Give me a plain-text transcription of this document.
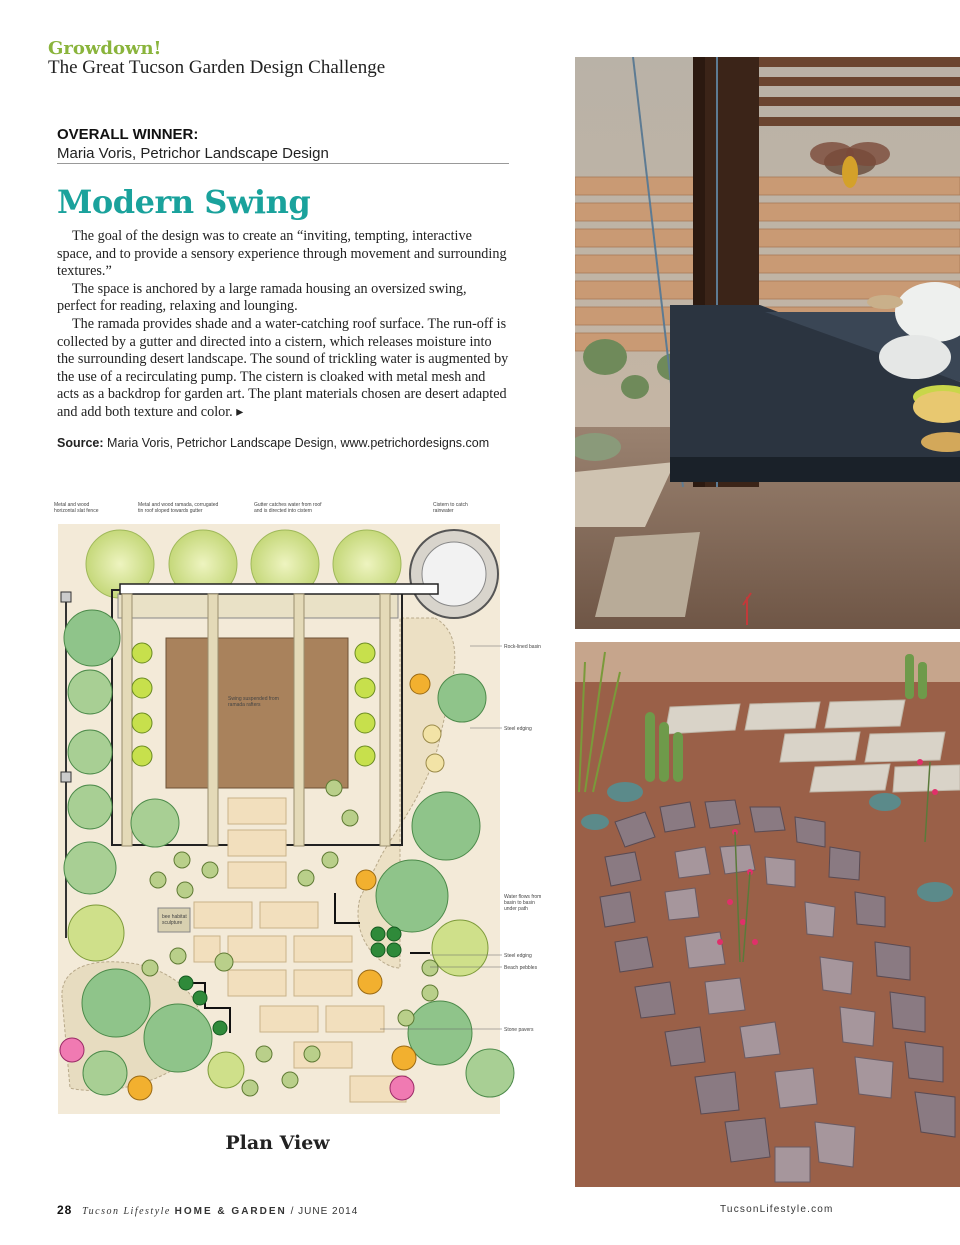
Growdown!
The Great Tucson Garden Design Challenge
OVERALL WINNER:
Maria Voris, Petrichor Landscape Design
Modern Swing

The goal of the design was to create an “inviting, tempting, interactive space, and to provide a sensory experience through movement and surrounding textures.”

The space is anchored by a large ramada housing an oversized swing, perfect for reading, relaxing and lounging.

The ramada provides shade and a water-catching roof surface. The run-off is collected by a gutter and directed into a cistern, which releases moisture into the surrounding desert landscape. The sound of trickling water is augmented by the use of a recirculating pump. The cistern is cloaked with metal mesh and acts as a backdrop for garden art. The plant materials chosen are desert adapted and add both texture and color. ▸

Source: Maria Voris, Petrichor Landscape Design, www.petrichordesigns.com
Metal and wood
horizontal slat fence
Metal and wood ramada, corrugated
tin roof sloped towards gutter
Gutter catches water from roof
and is directed into cistern
Cistern to catch
rainwater
Swing suspended from
ramada rafters
bee habitat
sculpture
Rock-lined basin
Steel edging
Water flows from
basin to basin
under path
Steel edging
Beach pebbles
Stone pavers
Plan View
28 Tucson Lifestyle HOME & GARDEN / JUNE 2014	TucsonLifestyle.com
